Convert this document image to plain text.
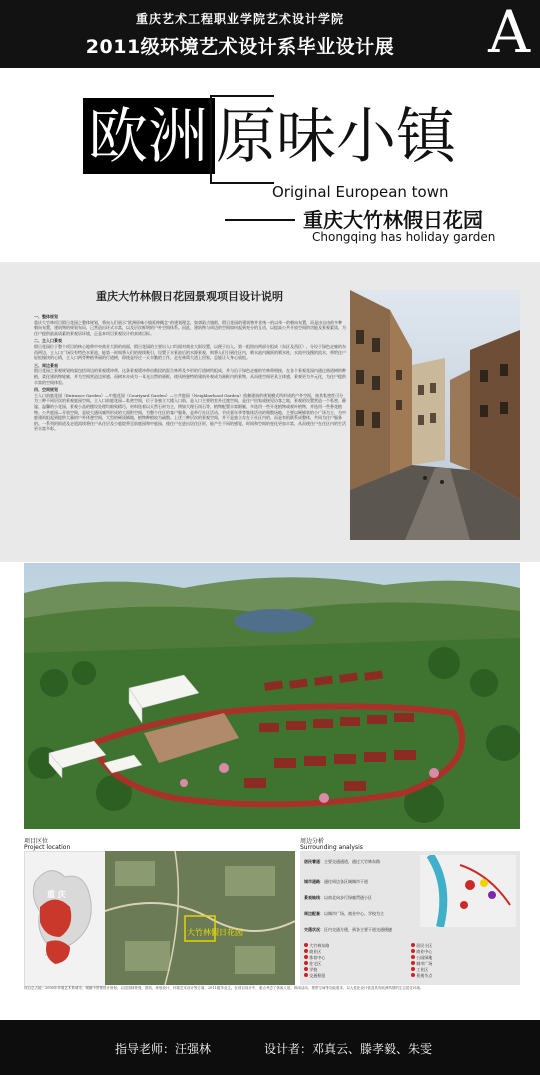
重庆艺术工程职业学院艺术设计学院
2011级环境艺术设计系毕业设计展	A
欧洲 原味小镇
Original European town
重庆大竹林假日花园
Chongqing has holiday garden
重庆大竹林假日花园景观项目设计说明
一、整体规划
重庆大竹林项目假日花园之整体规划，将向人们展示“欧洲原味小镇延伸概念”的规划理念，如郊陷古镇般，假日花园的建筑物并非统一的以单一的朝向布置，而是由自由的多种朝向布置，建筑物的规划布局，已营造出环式丰富，以及层次鲜明的户外空间体系。因此，建筑物与周边的空间如何起到充分的互动，以提高公共开放空间的功能及景观素质，为住户提供最高质素的景观居环境，正是本项目景观设计的真谛目标。
二、主入口景观
假日花园位于整个项目的核心地带中央商业大街的南面，假日花园的主要出入口均面对商业大街设置，以便于出入。第一组图由两部分组成（东区及西区），分设于绿色走廊的东西两边，主入口广场设有特色水景池，能第一时间将人们的视线吸引，设置于水景池后的水源景观，则将人们引到住区内，喷水池内踢跃的喷水柱，水流中浅搜的流水，带给住户轻松愉快的心情，主入口两旁种植华丽的行道树，即使是经过一天辛勤的工作，走在林荫大道上回家，总能让人身心放松。
三、周边景观
假日花园之景观规划构架包括周边的景观缓冲带，这条景观缓冲带由数段的混合林带及多形的行道树所组成，并与沿于绿色走廊的竹林带相接，在各个景观花园内通过曲道树的种植，柔化建筑物轮廓，并为空间营造边界感，而树木亦成为一耳光自然的画框，使风格独特的建筑外观成为画框内的景物，从而使空间更具立体感，景观更为多元化，为住户提供丰富的空间体验。
四、空间规划
主入口前庭花园（Entrance Garden）—中庭花园（Courtyard Garden）—公共庭园（Neighborhood Garden）依赖建筑的规划模式所形成的户外空间，按其私密性可分为三种不同层次的景观庭园空间。主入口前庭花园—私密空间，位于各独立大楼入口前，是入口主要的室外过渡空间，是住户回家或接见访客之地，景观的设置营造一个私密、静谧、温馨的小花园，景观小品的摆设处理均细致精巧，材料选着以天然石材为主，例如大理石岗石等，植物配置丰富细腻，多选用一些开花植物或观叶植物，并选用一些香花植物。公共庭园—开放空间，是较大通风廊所形成的大面积空间，为整个住区的客户服务，是举行社区活动、节庆嘉年华等集体活动的聚散场地，主要以硬铺装的小广场为主，为中庭建筑组起到提供大量的户外休憩空间，大型的硬质铺地，植物种植较为疏散。上述三种层次的景观空间，并不是独立存在于社区内的，而是有机联系成整体，共同为住户服务的。一系列的街道及走道流线将住户从住层及小庭院带至前庭园和中庭园，使住户在进出居住区时，能产生不同的感觉，时间和空间的变化更加丰富，从而使住户在住区内的生活更丰富多彩。
项目区位
Project location
重 庆
北部新区
大竹林假日花园
周边分析
Surrounding analysis
居民着道：主要交通通道，通过大竹林东路
城市道路：通往周边各区域城市干道
景观轴线：以南北向步行绿廊贯通小区
周边配套：以城市广场、商业中心、学校为主
交通状况：区内交通方便，到各主要干道交通便捷
大竹林东路	居民小区
商业区	商业中心
体育中心	公园绿地
住宅区	城市广场
学校	工业区
交通枢纽	景观节点
项目总占地：2000年环境艺术系城市、城镇中景观设计规划；以及园林景观、建筑、规划设计、环境艺术设计等方面、2011级毕业生。在项目设计中，重点考虑了休闲人居、休闲活动、观景空间等功能需求，以人性化设计营造具有欧洲风情的生态居住环境。
指导老师：汪强林	设计者：邓真云、滕孝毅、朱雯
